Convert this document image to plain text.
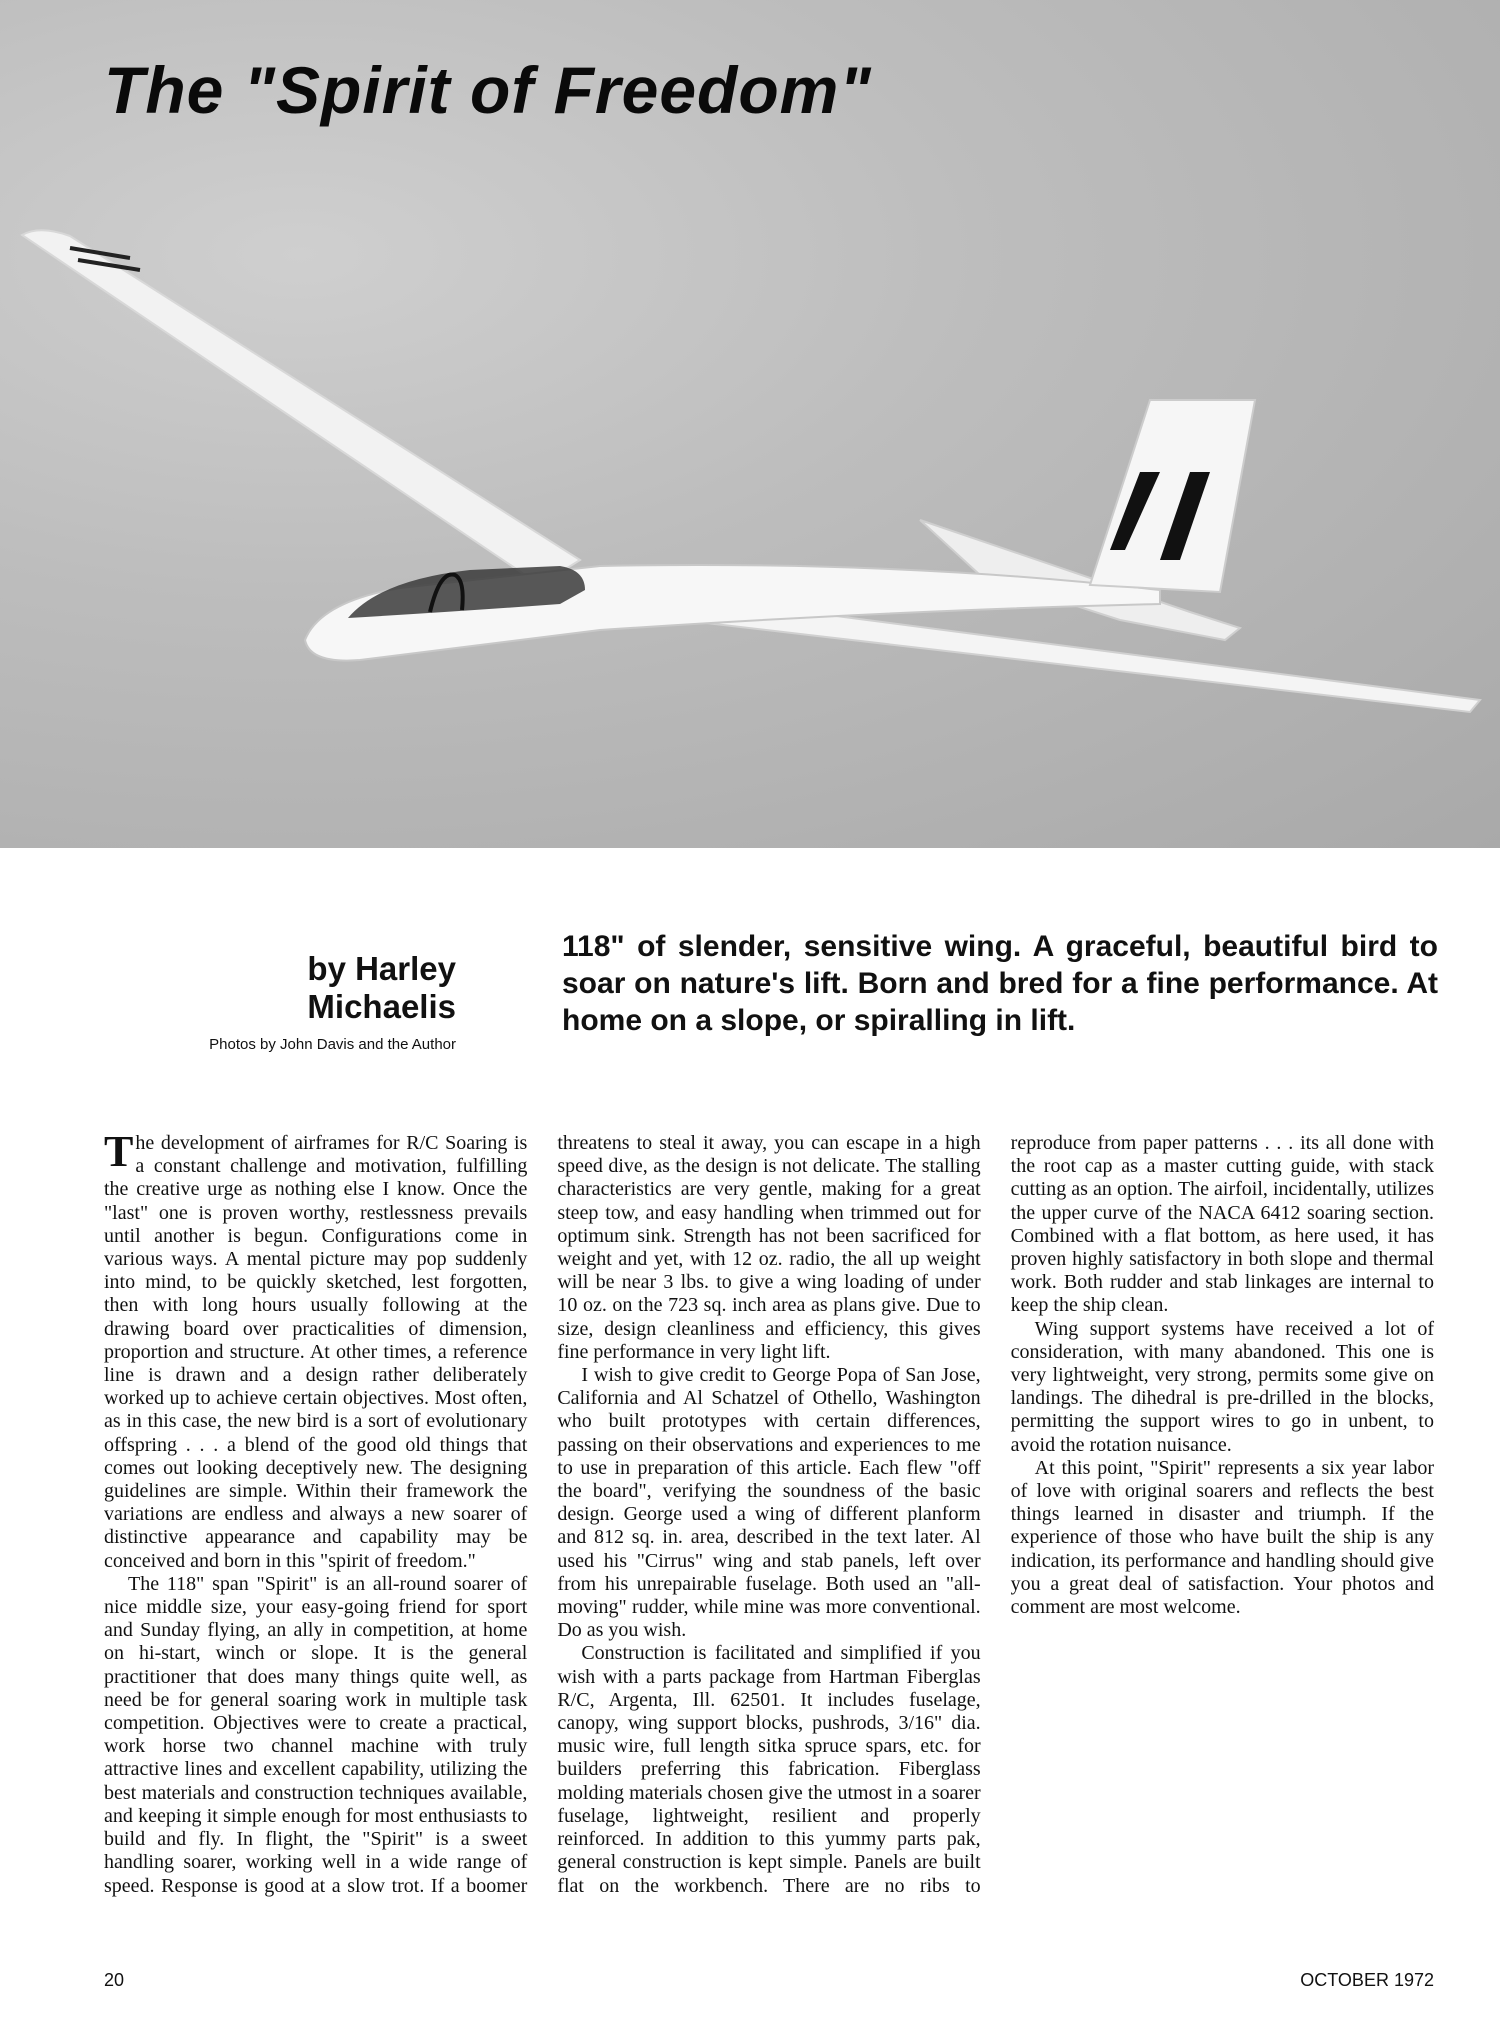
The "Spirit of Freedom"

by Harley Michaelis

Photos by John Davis and the Author

118" of slender, sensitive wing. A graceful, beautiful bird to soar on nature's lift. Born and bred for a fine performance. At home on a slope, or spiralling in lift.

The development of airframes for R/C Soaring is a constant challenge and motivation, fulfilling the creative urge as nothing else I know. Once the "last" one is proven worthy, restlessness prevails until another is begun. Configurations come in various ways. A mental picture may pop suddenly into mind, to be quickly sketched, lest forgotten, then with long hours usually following at the drawing board over practicalities of dimension, proportion and structure. At other times, a reference line is drawn and a design rather deliberately worked up to achieve certain objectives. Most often, as in this case, the new bird is a sort of evolutionary offspring . . . a blend of the good old things that comes out looking deceptively new. The designing guidelines are simple. Within their framework the variations are endless and always a new soarer of distinctive appearance and capability may be conceived and born in this "spirit of freedom."

The 118" span "Spirit" is an all-round soarer of nice middle size, your easy-going friend for sport and Sunday flying, an ally in competition, at home on hi-start, winch or slope. It is the general practitioner that does many things quite well, as need be for general soaring work in multiple task competition. Objectives were to create a practical, work horse two channel machine with truly attractive lines and excellent capability, utilizing the best materials and construction techniques available, and keeping it simple enough for most enthusiasts to build and fly. In flight, the "Spirit" is a sweet handling soarer, working well in a wide range of speed. Response is good at a slow trot. If a boomer threatens to steal it away, you can escape in a high speed dive, as the design is not delicate. The stalling characteristics are very gentle, making for a great steep tow, and easy handling when trimmed out for optimum sink. Strength has not been sacrificed for weight and yet, with 12 oz. radio, the all up weight will be near 3 lbs. to give a wing loading of under 10 oz. on the 723 sq. inch area as plans give. Due to size, design cleanliness and efficiency, this gives fine performance in very light lift.

I wish to give credit to George Popa of San Jose, California and Al Schatzel of Othello, Washington who built prototypes with certain differences, passing on their observations and experiences to me to use in preparation of this article. Each flew "off the board", verifying the soundness of the basic design. George used a wing of different planform and 812 sq. in. area, described in the text later. Al used his "Cirrus" wing and stab panels, left over from his unrepairable fuselage. Both used an "all-moving" rudder, while mine was more conventional. Do as you wish.

Construction is facilitated and simplified if you wish with a parts package from Hartman Fiberglas R/C, Argenta, Ill. 62501. It includes fuselage, canopy, wing support blocks, pushrods, 3/16" dia. music wire, full length sitka spruce spars, etc. for builders preferring this fabrication. Fiberglass molding materials chosen give the utmost in a soarer fuselage, lightweight, resilient and properly reinforced. In addition to this yummy parts pak, general construction is kept simple. Panels are built flat on the workbench. There are no ribs to reproduce from paper patterns . . . its all done with the root cap as a master cutting guide, with stack cutting as an option. The airfoil, incidentally, utilizes the upper curve of the NACA 6412 soaring section. Combined with a flat bottom, as here used, it has proven highly satisfactory in both slope and thermal work. Both rudder and stab linkages are internal to keep the ship clean.

Wing support systems have received a lot of consideration, with many abandoned. This one is very lightweight, very strong, permits some give on landings. The dihedral is pre-drilled in the blocks, permitting the support wires to go in unbent, to avoid the rotation nuisance.

At this point, "Spirit" represents a six year labor of love with original soarers and reflects the best things learned in disaster and triumph. If the experience of those who have built the ship is any indication, its performance and handling should give you a great deal of satisfaction. Your photos and comment are most welcome.

20	OCTOBER 1972
